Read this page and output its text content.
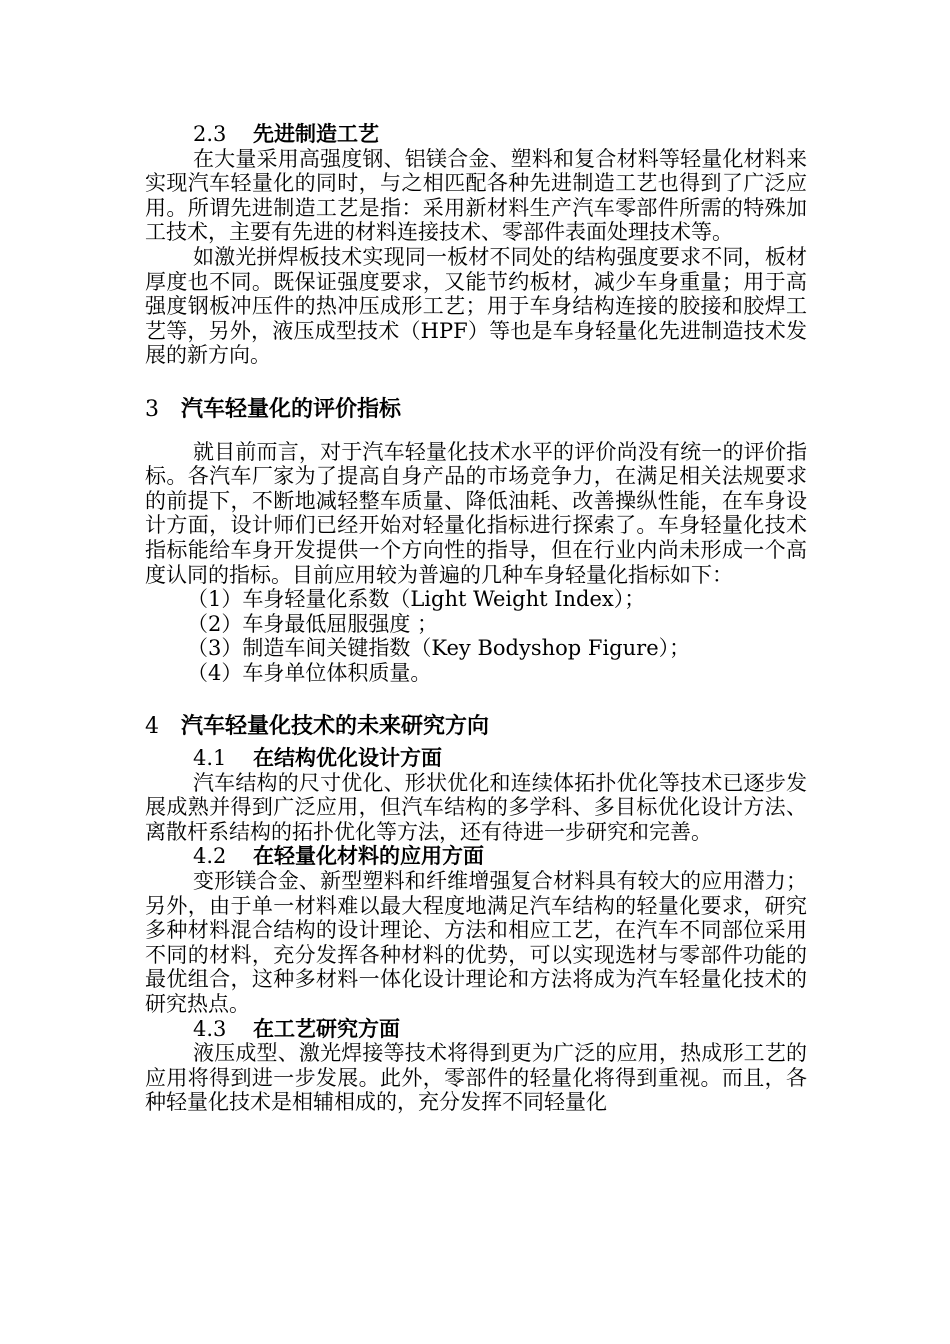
2.3 先进制造工艺

在大量采用高强度钢、铝镁合金、塑料和复合材料等轻量化材料来实现汽车轻量化的同时，与之相匹配各种先进制造工艺也得到了广泛应用。所谓先进制造工艺是指：采用新材料生产汽车零部件所需的特殊加工技术，主要有先进的材料连接技术、零部件表面处理技术等。

如激光拼焊板技术实现同一板材不同处的结构强度要求不同，板材厚度也不同。既保证强度要求，又能节约板材，减少车身重量；用于高强度钢板冲压件的热冲压成形工艺；用于车身结构连接的胶接和胶焊工艺等，另外，液压成型技术（HPF）等也是车身轻量化先进制造技术发展的新方向。

3 汽车轻量化的评价指标

就目前而言，对于汽车轻量化技术水平的评价尚没有统一的评价指标。各汽车厂家为了提高自身产品的市场竞争力，在满足相关法规要求的前提下，不断地减轻整车质量、降低油耗、改善操纵性能，在车身设计方面，设计师们已经开始对轻量化指标进行探索了。车身轻量化技术指标能给车身开发提供一个方向性的指导，但在行业内尚未形成一个高度认同的指标。目前应用较为普遍的几种车身轻量化指标如下：

（1）车身轻量化系数（Light Weight Index）；
（2）车身最低屈服强度 ；
（3）制造车间关键指数（Key Bodyshop Figure）；
（4）车身单位体积质量。
4 汽车轻量化技术的未来研究方向
4.1 在结构优化设计方面

汽车结构的尺寸优化、形状优化和连续体拓扑优化等技术已逐步发展成熟并得到广泛应用，但汽车结构的多学科、多目标优化设计方法、离散杆系结构的拓扑优化等方法，还有待进一步研究和完善。

4.2 在轻量化材料的应用方面

变形镁合金、新型塑料和纤维增强复合材料具有较大的应用潜力；另外，由于单一材料难以最大程度地满足汽车结构的轻量化要求，研究多种材料混合结构的设计理论、方法和相应工艺，在汽车不同部位采用不同的材料，充分发挥各种材料的优势，可以实现选材与零部件功能的最优组合，这种多材料一体化设计理论和方法将成为汽车轻量化技术的研究热点。

4.3 在工艺研究方面

液压成型、激光焊接等技术将得到更为广泛的应用，热成形工艺的应用将得到进一步发展。此外，零部件的轻量化将得到重视。而且，各种轻量化技术是相辅相成的，充分发挥不同轻量化
